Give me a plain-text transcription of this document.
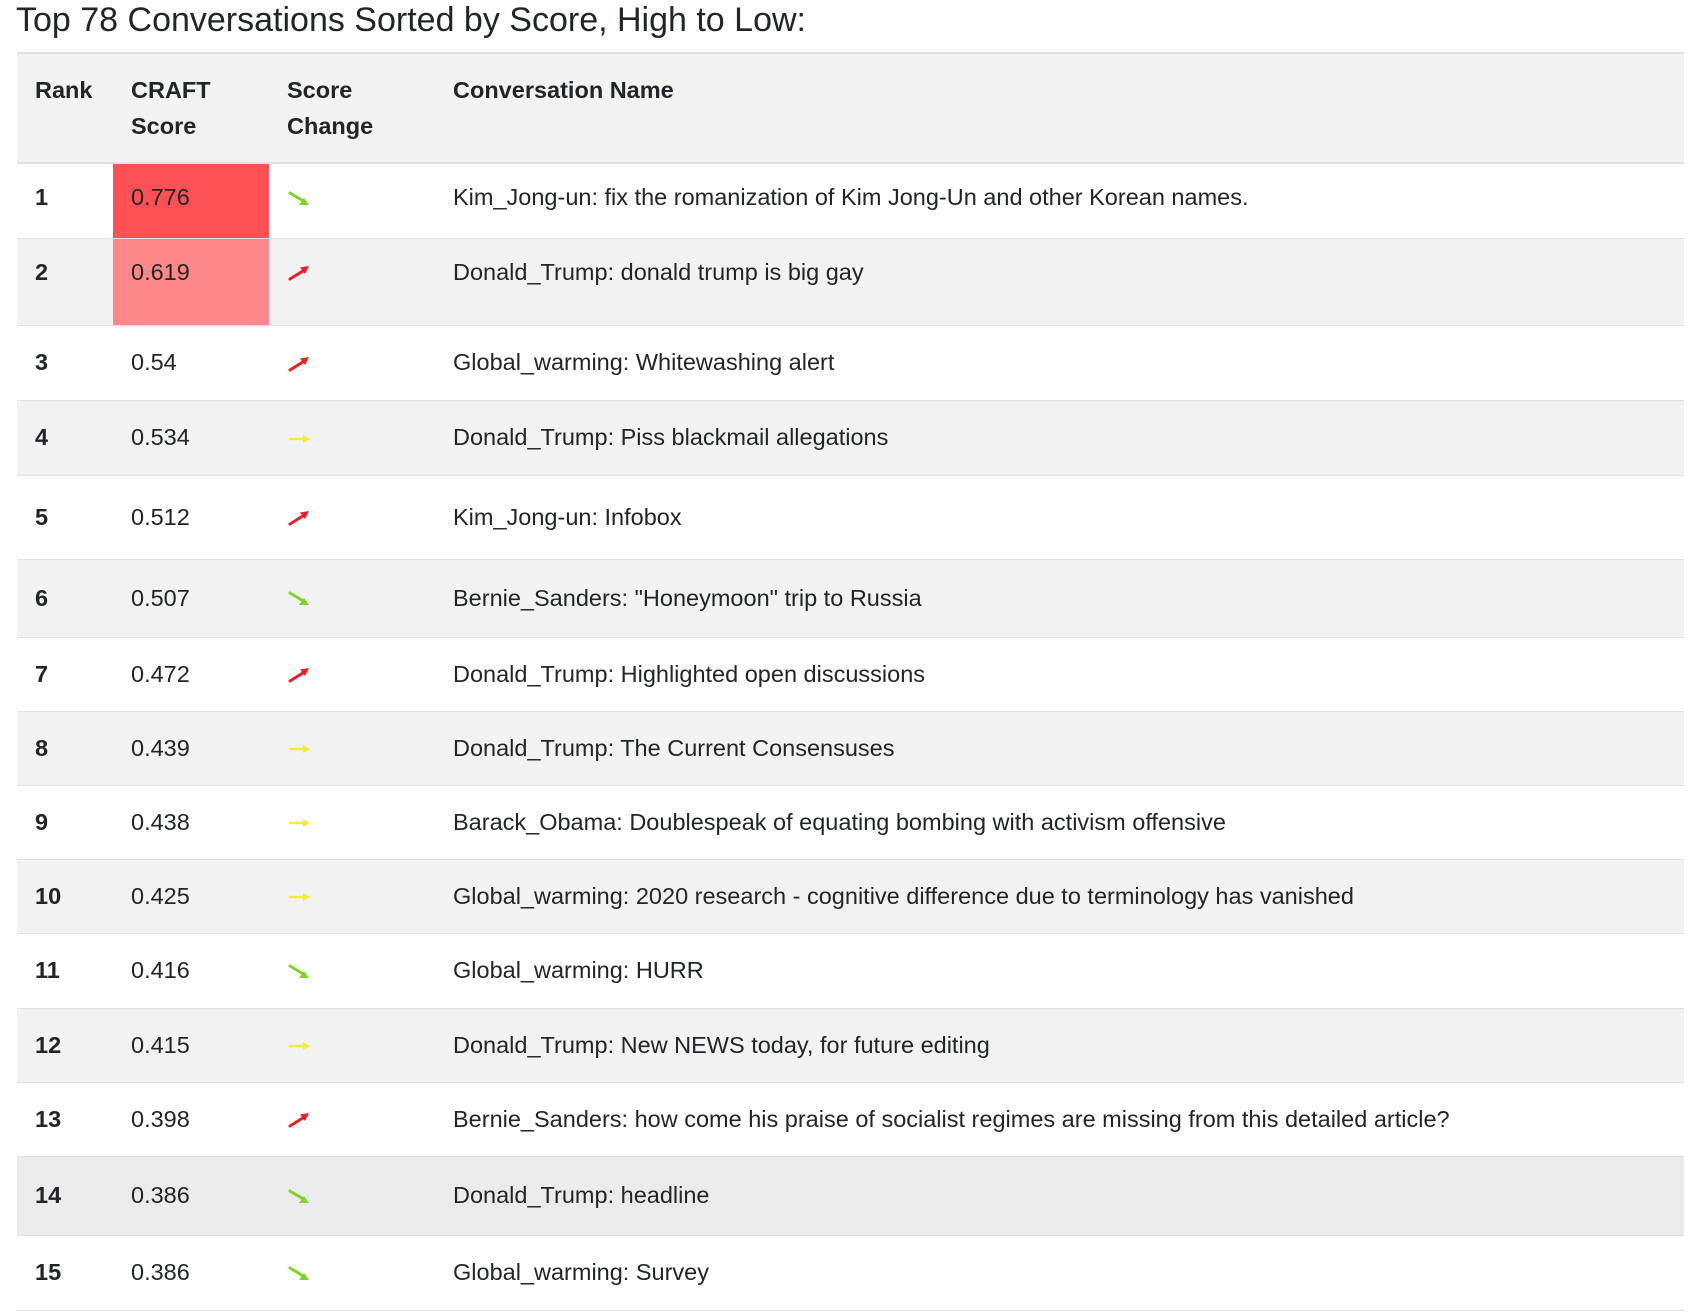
Top 78 Conversations Sorted by Score, High to Low:
Rank	CRAFT Score	Score Change	Conversation Name
1	0.776		Kim_Jong-un: fix the romanization of Kim Jong-Un and other Korean names.
2	0.619		Donald_Trump: donald trump is big gay
3	0.54		Global_warming: Whitewashing alert
4	0.534		Donald_Trump: Piss blackmail allegations
5	0.512		Kim_Jong-un: Infobox
6	0.507		Bernie_Sanders: "Honeymoon" trip to Russia
7	0.472		Donald_Trump: Highlighted open discussions
8	0.439		Donald_Trump: The Current Consensuses
9	0.438		Barack_Obama: Doublespeak of equating bombing with activism offensive
10	0.425		Global_warming: 2020 research - cognitive difference due to terminology has vanished
11	0.416		Global_warming: HURR
12	0.415		Donald_Trump: New NEWS today, for future editing
13	0.398		Bernie_Sanders: how come his praise of socialist regimes are missing from this detailed article?
14	0.386		Donald_Trump: headline
15	0.386		Global_warming: Survey
